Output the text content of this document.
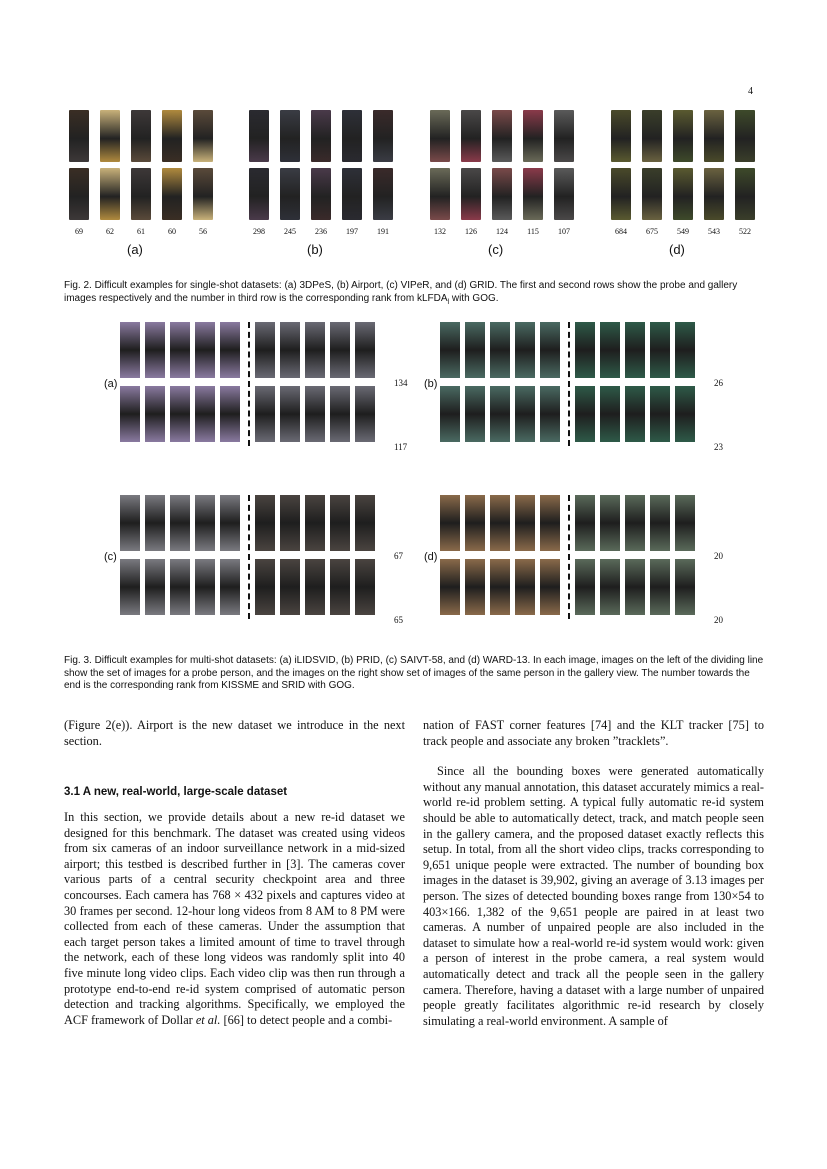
4
69	62	61	60	56
(a)
298	245	236	197	191
(b)
132	126	124	115	107
(c)
684	675	549	543	522
(d)
Fig. 2. Difficult examples for single-shot datasets: (a) 3DPeS, (b) Airport, (c) VIPeR, and (d) GRID. The first and second rows show the probe and gallery images respectively and the number in third row is the corresponding rank from kLFDA$_l$ with GOG.
134
117
(a)	26
23
(b)
67
65
(c)	20
20
(d)
Fig. 3. Difficult examples for multi-shot datasets: (a) iLIDSVID, (b) PRID, (c) SAIVT-58, and (d) WARD-13. In each image, images on the left of the dividing line show the set of images for a probe person, and the images on the right show set of images of the same person in the gallery view. The number towards the end is the corresponding rank from KISSME and SRID with GOG.

(Figure 2(e)). Airport is the new dataset we introduce in the next section.

3.1 A new, real-world, large-scale dataset

In this section, we provide details about a new re-id dataset we designed for this benchmark. The dataset was created using videos from six cameras of an indoor surveillance network in a mid-sized airport; this testbed is described further in [3]. The cameras cover various parts of a central security checkpoint area and three concourses. Each camera has 768 × 432 pixels and captures video at 30 frames per second. 12-hour long videos from 8 AM to 8 PM were collected from each of these cameras. Under the assumption that each target person takes a limited amount of time to travel through the network, each of these long videos was randomly split into 40 five minute long video clips. Each video clip was then run through a prototype end-to-end re-id system comprised of automatic person detection and tracking algorithms. Specifically, we employed the ACF framework of Dollar et al. [66] to detect people and a combi-

nation of FAST corner features [74] and the KLT tracker [75] to track people and associate any broken ”tracklets”.

Since all the bounding boxes were generated automatically without any manual annotation, this dataset accurately mimics a real-world re-id problem setting. A typical fully automatic re-id system should be able to automatically detect, track, and match people seen in the gallery camera, and the proposed dataset exactly reflects this setup. In total, from all the short video clips, tracks corresponding to 9,651 unique people were extracted. The number of bounding box images in the dataset is 39,902, giving an average of 3.13 images per person. The sizes of detected bounding boxes range from 130×54 to 403×166. 1,382 of the 9,651 people are paired in at least two cameras. A number of unpaired people are also included in the dataset to simulate how a real-world re-id system would work: given a person of interest in the probe camera, a real system would automatically detect and track all the people seen in the gallery camera. Therefore, having a dataset with a large number of unpaired people greatly facilitates algorithmic re-id research by closely simulating a real-world environment. A sample of
